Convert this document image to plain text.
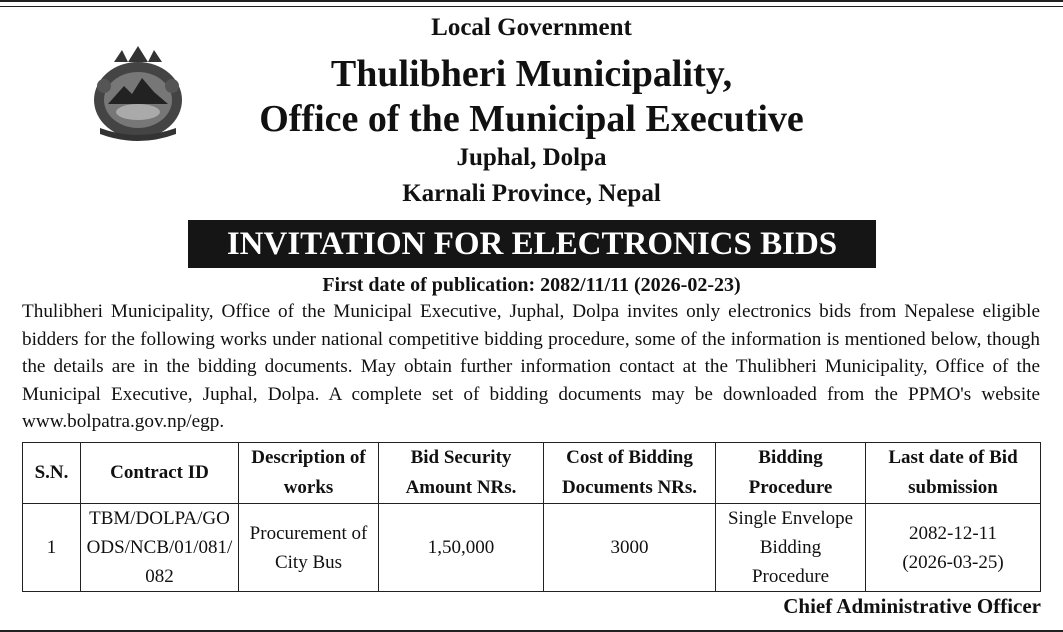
Local Government
Thulibheri Municipality,
Office of the Municipal Executive
Juphal, Dolpa
Karnali Province, Nepal
INVITATION FOR ELECTRONICS BIDS
First date of publication: 2082/11/11 (2026-02-23)
Thulibheri Municipality, Office of the Municipal Executive, Juphal, Dolpa invites only electronics bids from Nepalese eligible bidders for the following works under national competitive bidding procedure, some of the information is mentioned below, though the details are in the bidding documents. May obtain further information contact at the Thulibheri Municipality, Office of the Municipal Executive, Juphal, Dolpa. A complete set of bidding documents may be downloaded from the PPMO's website www.bolpatra.gov.np/egp.
S.N.	Contract ID	Description of works	Bid Security Amount NRs.	Cost of Bidding Documents NRs.	Bidding Procedure	Last date of Bid submission
1	TBM/DOLPA/GOODS/NCB/01/081/082	Procurement of City Bus	1,50,000	3000	Single Envelope Bidding Procedure	2082-12-11
(2026-03-25)
Chief Administrative Officer
